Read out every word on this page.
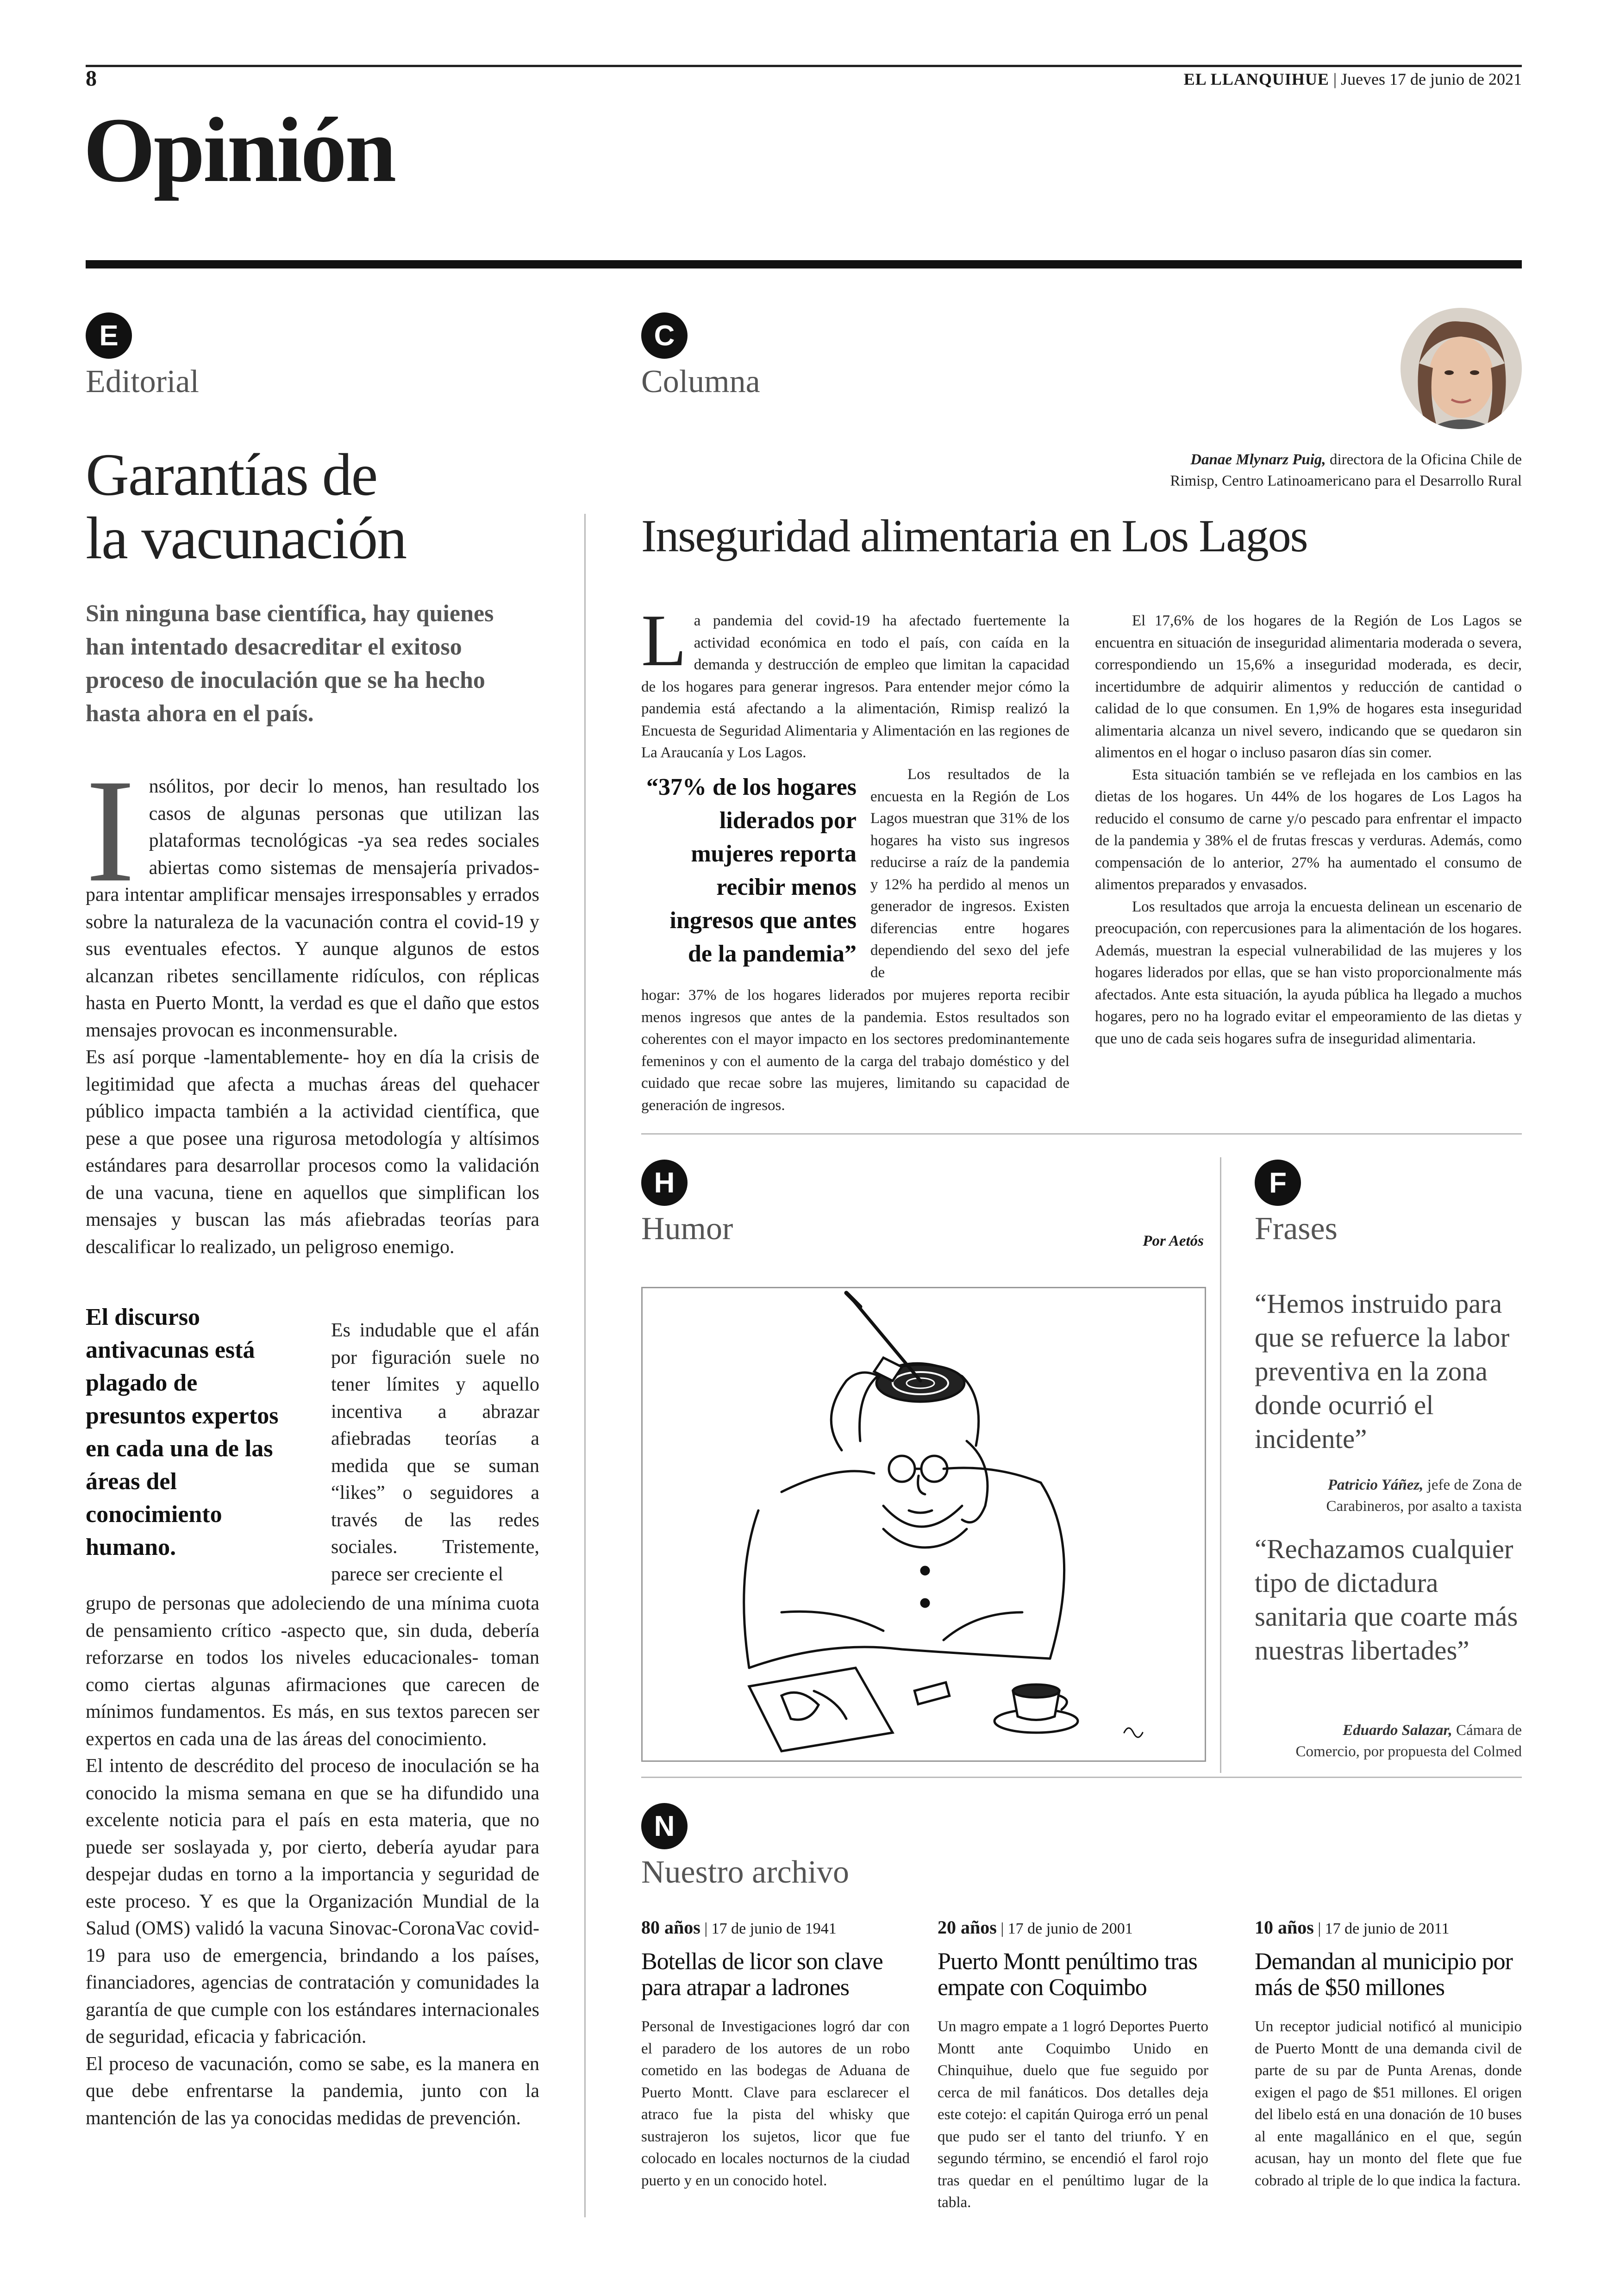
8	EL LLANQUIHUE | Jueves 17 de junio de 2021
Opinión
E
Editorial
Garantías de
la vacunación
Sin ninguna base científica, hay quienes han intentado desacreditar el exitoso proceso de inoculación que se ha hecho hasta ahora en el país.
I nsólitos, por decir lo menos, han resultado los casos de algunas personas que utilizan las plataformas tecnológicas -ya sea redes sociales abiertas como sistemas de mensajería privados- para intentar amplificar mensajes irresponsables y errados sobre la naturaleza de la vacunación contra el covid-19 y sus eventuales efectos. Y aunque algunos de estos alcanzan ribetes sencillamente ridículos, con réplicas hasta en Puerto Montt, la verdad es que el daño que estos mensajes provocan es inconmensurable.

Es así porque -lamentablemente- hoy en día la crisis de legitimidad que afecta a muchas áreas del quehacer público impacta también a la actividad científica, que pese a que posee una rigurosa metodología y altísimos estándares para desarrollar procesos como la validación de una vacuna, tiene en aquellos que simplifican los mensajes y buscan las más afiebradas teorías para descalificar lo realizado, un peligroso enemigo.

El discurso antivacunas está plagado de presuntos expertos en cada una de las áreas del conocimiento humano.

Es indudable que el afán por figuración suele no tener límites y aquello incentiva a abrazar afiebradas teorías a medida que se suman “likes” o seguidores a través de las redes sociales. Tristemente, parece ser creciente el

grupo de personas que adoleciendo de una mínima cuota de pensamiento crítico -aspecto que, sin duda, debería reforzarse en todos los niveles educacionales- toman como ciertas algunas afirmaciones que carecen de mínimos fundamentos. Es más, en sus textos parecen ser expertos en cada una de las áreas del conocimiento.

El intento de descrédito del proceso de inoculación se ha conocido la misma semana en que se ha difundido una excelente noticia para el país en esta materia, que no puede ser soslayada y, por cierto, debería ayudar para despejar dudas en torno a la importancia y seguridad de este proceso. Y es que la Organización Mundial de la Salud (OMS) validó la vacuna Sinovac-CoronaVac covid-19 para uso de emergencia, brindando a los países, financiadores, agencias de contratación y comunidades la garantía de que cumple con los estándares internacionales de seguridad, eficacia y fabricación.

El proceso de vacunación, como se sabe, es la manera en que debe enfrentarse la pandemia, junto con la mantención de las ya conocidas medidas de prevención.

C
Columna
Danae Mlynarz Puig, directora de la Oficina Chile de
Rimisp, Centro Latinoamericano para el Desarrollo Rural
Inseguridad alimentaria en Los Lagos
L a pandemia del covid-19 ha afectado fuertemente la actividad económica en todo el país, con caída en la demanda y destrucción de empleo que limitan la capacidad de los hogares para generar ingresos. Para entender mejor cómo la pandemia está afectando a la alimentación, Rimisp realizó la Encuesta de Seguridad Alimentaria y Alimentación en las regiones de La Araucanía y Los Lagos.

“37% de los hogares liderados por mujeres reporta recibir menos ingresos que antes de la pandemia”

Los resultados de la encuesta en la Región de Los Lagos muestran que 31% de los hogares ha visto sus ingresos reducirse a raíz de la pandemia y 12% ha perdido al menos un generador de ingresos. Existen diferencias entre hogares dependiendo del sexo del jefe de

hogar: 37% de los hogares liderados por mujeres reporta recibir menos ingresos que antes de la pandemia. Estos resultados son coherentes con el mayor impacto en los sectores predominantemente femeninos y con el aumento de la carga del trabajo doméstico y del cuidado que recae sobre las mujeres, limitando su capacidad de generación de ingresos.

El 17,6% de los hogares de la Región de Los Lagos se encuentra en situación de inseguridad alimentaria moderada o severa, correspondiendo un 15,6% a inseguridad moderada, es decir, incertidumbre de adquirir alimentos y reducción de cantidad o calidad de lo que consumen. En 1,9% de hogares esta inseguridad alimentaria alcanza un nivel severo, indicando que se quedaron sin alimentos en el hogar o incluso pasaron días sin comer.

Esta situación también se ve reflejada en los cambios en las dietas de los hogares. Un 44% de los hogares de Los Lagos ha reducido el consumo de carne y/o pescado para enfrentar el impacto de la pandemia y 38% el de frutas frescas y verduras. Además, como compensación de lo anterior, 27% ha aumentado el consumo de alimentos preparados y envasados.

Los resultados que arroja la encuesta delinean un escenario de preocupación, con repercusiones para la alimentación de los hogares. Además, muestran la especial vulnerabilidad de las mujeres y los hogares liderados por ellas, que se han visto proporcionalmente más afectados. Ante esta situación, la ayuda pública ha llegado a muchos hogares, pero no ha logrado evitar el empeoramiento de las dietas y que uno de cada seis hogares sufra de inseguridad alimentaria.

H
Humor	Por Aetós
F
Frases
“Hemos instruido para que se refuerce la labor preventiva en la zona donde ocurrió el incidente”
Patricio Yáñez, jefe de Zona de
Carabineros, por asalto a taxista
“Rechazamos cualquier tipo de dictadura sanitaria que coarte más nuestras libertades”
Eduardo Salazar, Cámara de
Comercio, por propuesta del Colmed
N
Nuestro archivo
80 años | 17 de junio de 1941
Botellas de licor son clave para atrapar a ladrones
Personal de Investigaciones logró dar con el paradero de los autores de un robo cometido en las bodegas de Aduana de Puerto Montt. Clave para esclarecer el atraco fue la pista del whisky que sustrajeron los sujetos, licor que fue colocado en locales nocturnos de la ciudad puerto y en un conocido hotel.
20 años | 17 de junio de 2001
Puerto Montt penúltimo tras empate con Coquimbo
Un magro empate a 1 logró Deportes Puerto Montt ante Coquimbo Unido en Chinquihue, duelo que fue seguido por cerca de mil fanáticos. Dos detalles deja este cotejo: el capitán Quiroga erró un penal que pudo ser el tanto del triunfo. Y en segundo término, se encendió el farol rojo tras quedar en el penúltimo lugar de la tabla.
10 años | 17 de junio de 2011
Demandan al municipio por más de $50 millones
Un receptor judicial notificó al municipio de Puerto Montt de una demanda civil de parte de su par de Punta Arenas, donde exigen el pago de $51 millones. El origen del libelo está en una donación de 10 buses al ente magallánico en el que, según acusan, hay un monto del flete que fue cobrado al triple de lo que indica la factura.
